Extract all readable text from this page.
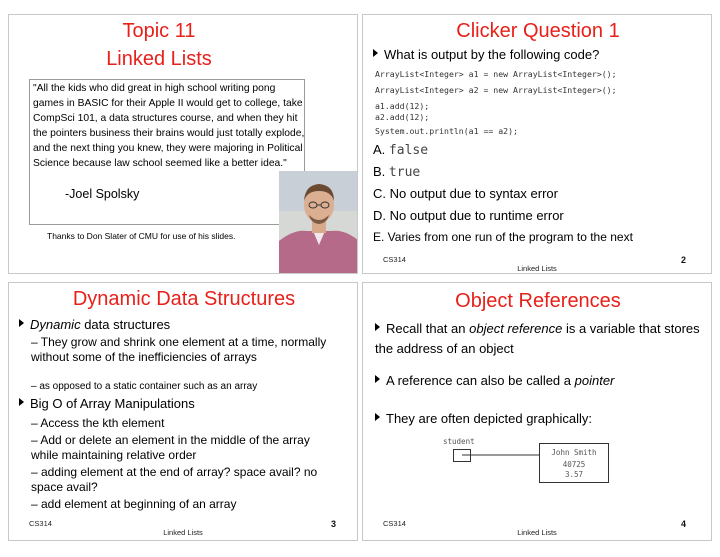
Topic 11
Linked Lists
"All the kids who did great in high school writing pong games in BASIC for their Apple II would get to college, take CompSci 101, a data structures course, and when they hit the pointers business their brains would just totally explode, and the next thing you knew, they were majoring in Political Science because law school seemed like a better idea."
-Joel Spolsky
Thanks to Don Slater of CMU for use of his slides.
Clicker Question 1
What is output by the following code?
ArrayList<Integer> a1 = new ArrayList<Integer>();
ArrayList<Integer> a2 = new ArrayList<Integer>();
a1.add(12);
a2.add(12);
System.out.println(a1 == a2);
A. false
B. true
C. No output due to syntax error
D. No output due to runtime error
E. Varies from one run of the program to the next
CS314
Linked Lists
2
Dynamic Data Structures
Dynamic data structures
– They grow and shrink one element at a time, normally without some of the inefficiencies of arrays
– as opposed to a static container such as an array
Big O of Array Manipulations
– Access the kth element
– Add or delete an element in the middle of the array while maintaining relative order
– adding element at the end of array? space avail? no space avail?
– add element at beginning of an array
CS314
Linked Lists
3
Object References
Recall that an object reference is a variable that stores the address of an object
A reference can also be called a pointer
They are often depicted graphically:
student
John Smith
40725
3.57
CS314
Linked Lists
4
